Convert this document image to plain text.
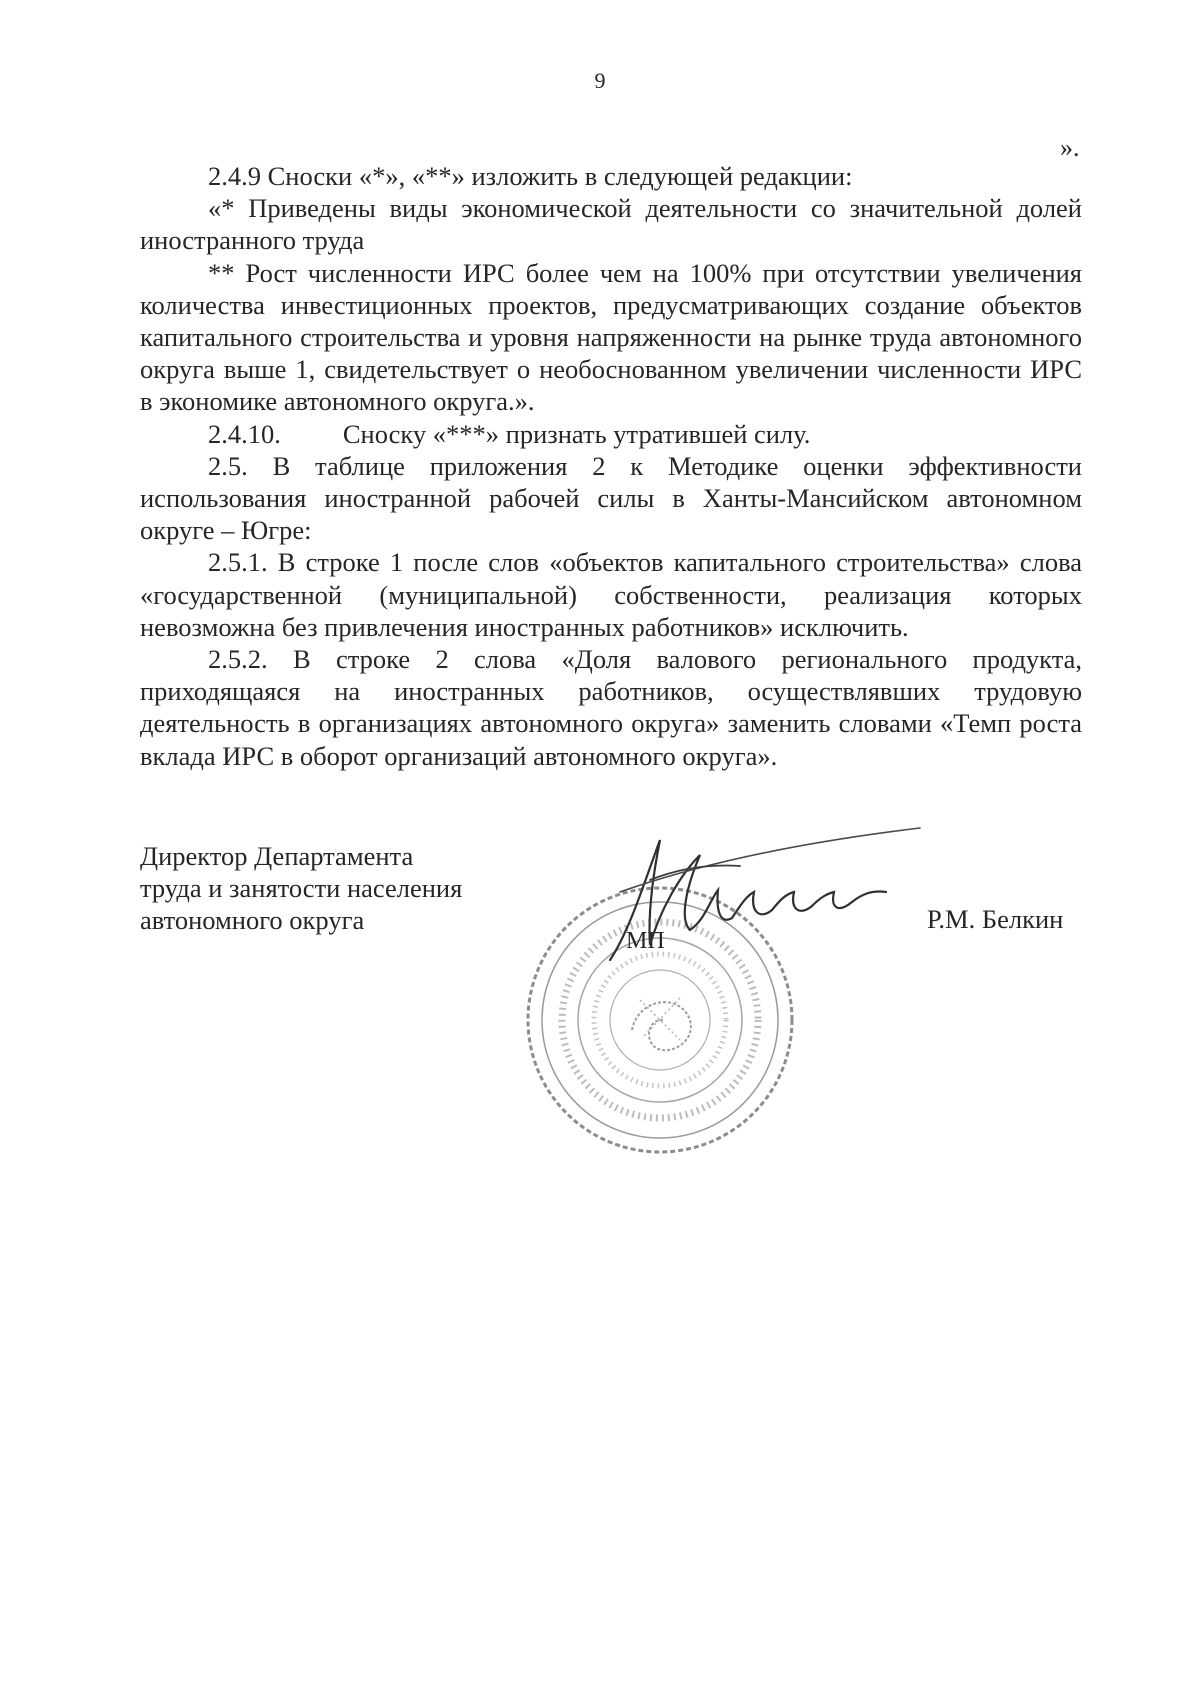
9
».

2.4.9 Сноски «*», «**» изложить в следующей редакции:

«* Приведены виды экономической деятельности со значительной долей иностранного труда

** Рост численности ИРС более чем на 100% при отсутствии увеличения количества инвестиционных проектов, предусматривающих создание объектов капитального строительства и уровня напряженности на рынке труда автономного округа выше 1, свидетельствует о необоснованном увеличении численности ИРС в экономике автономного округа.».

2.4.10. Сноску «***» признать утратившей силу.

2.5. В таблице приложения 2 к Методике оценки эффективности использования иностранной рабочей силы в Ханты-Мансийском автономном округе – Югре:

2.5.1. В строке 1 после слов «объектов капитального строительства» слова «государственной (муниципальной) собственности, реализация которых невозможна без привлечения иностранных работников» исключить.

2.5.2. В строке 2 слова «Доля валового регионального продукта, приходящаяся на иностранных работников, осуществлявших трудовую деятельность в организациях автономного округа» заменить словами «Темп роста вклада ИРС в оборот организаций автономного округа».

Директор Департамента
труда и занятости населения
автономного округа
МП
Р.М. Белкин
